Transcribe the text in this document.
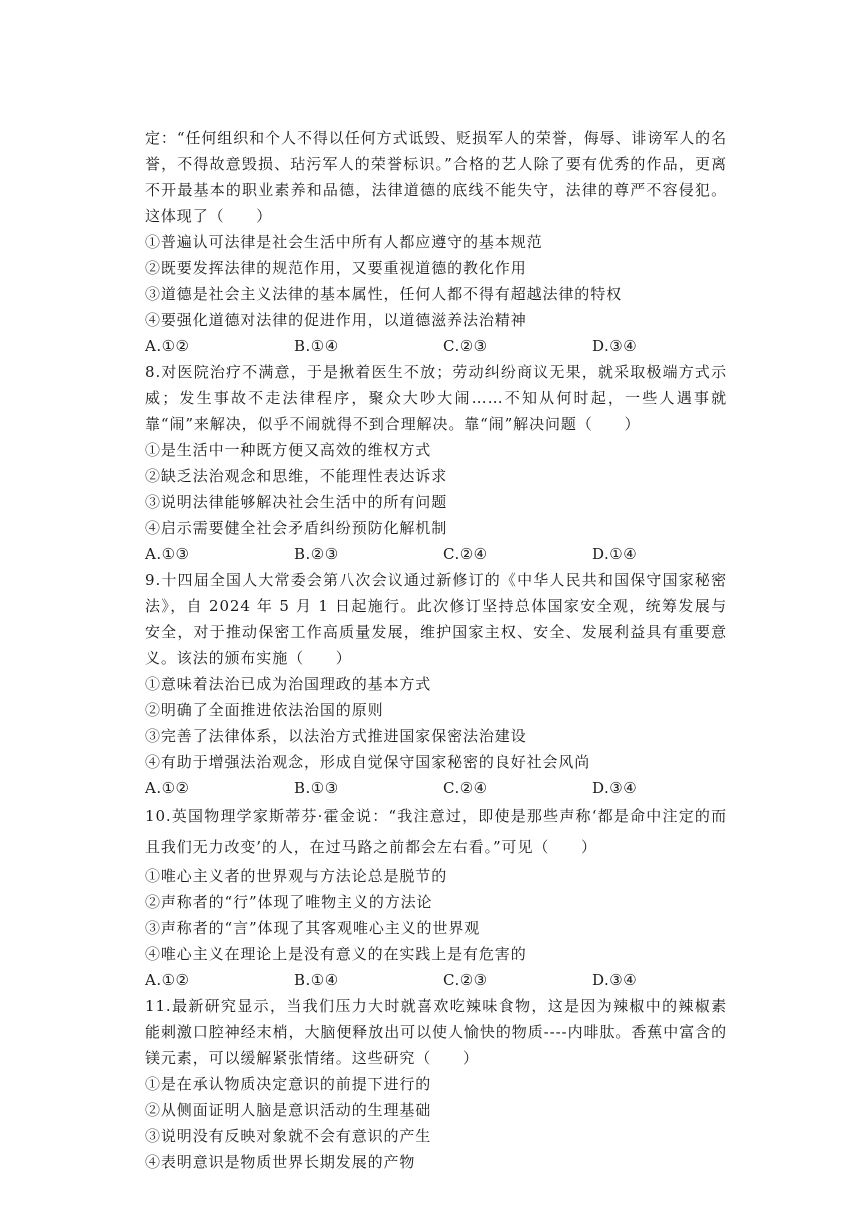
定：“任何组织和个人不得以任何方式诋毁、贬损军人的荣誉，侮辱、诽谤军人的名誉，不得故意毁损、玷污军人的荣誉标识。”合格的艺人除了要有优秀的作品，更离不开最基本的职业素养和品德，法律道德的底线不能失守，法律的尊严不容侵犯。这体现了（　　）

①普遍认可法律是社会生活中所有人都应遵守的基本规范

②既要发挥法律的规范作用，又要重视道德的教化作用

③道德是社会主义法律的基本属性，任何人都不得有超越法律的特权

④要强化道德对法律的促进作用，以道德滋养法治精神

A.①②	B.①④	C.②③	D.③④

8.对医院治疗不满意，于是揪着医生不放；劳动纠纷商议无果，就采取极端方式示威；发生事故不走法律程序，聚众大吵大闹……不知从何时起，一些人遇事就靠“闹”来解决，似乎不闹就得不到合理解决。靠“闹”解决问题（　　）

①是生活中一种既方便又高效的维权方式

②缺乏法治观念和思维，不能理性表达诉求

③说明法律能够解决社会生活中的所有问题

④启示需要健全社会矛盾纠纷预防化解机制

A.①③	B.②③	C.②④	D.①④

9.十四届全国人大常委会第八次会议通过新修订的《中华人民共和国保守国家秘密法》，自 2024 年 5 月 1 日起施行。此次修订坚持总体国家安全观，统筹发展与安全，对于推动保密工作高质量发展，维护国家主权、安全、发展利益具有重要意义。该法的颁布实施（　　）

①意味着法治已成为治国理政的基本方式

②明确了全面推进依法治国的原则

③完善了法律体系，以法治方式推进国家保密法治建设

④有助于增强法治观念，形成自觉保守国家秘密的良好社会风尚

A.①②	B.①③	C.②④	D.③④

10.英国物理学家斯蒂芬·霍金说：“我注意过，即使是那些声称‘都是命中注定的而且我们无力改变’的人，在过马路之前都会左右看。”可见（　　）

①唯心主义者的世界观与方法论总是脱节的

②声称者的“行”体现了唯物主义的方法论

③声称者的“言”体现了其客观唯心主义的世界观

④唯心主义在理论上是没有意义的在实践上是有危害的

A.①②	B.①④	C.②③	D.③④

11.最新研究显示，当我们压力大时就喜欢吃辣味食物，这是因为辣椒中的辣椒素能刺激口腔神经末梢，大脑便释放出可以使人愉快的物质----内啡肽。香蕉中富含的镁元素，可以缓解紧张情绪。这些研究（　　）

①是在承认物质决定意识的前提下进行的

②从侧面证明人脑是意识活动的生理基础

③说明没有反映对象就不会有意识的产生

④表明意识是物质世界长期发展的产物
